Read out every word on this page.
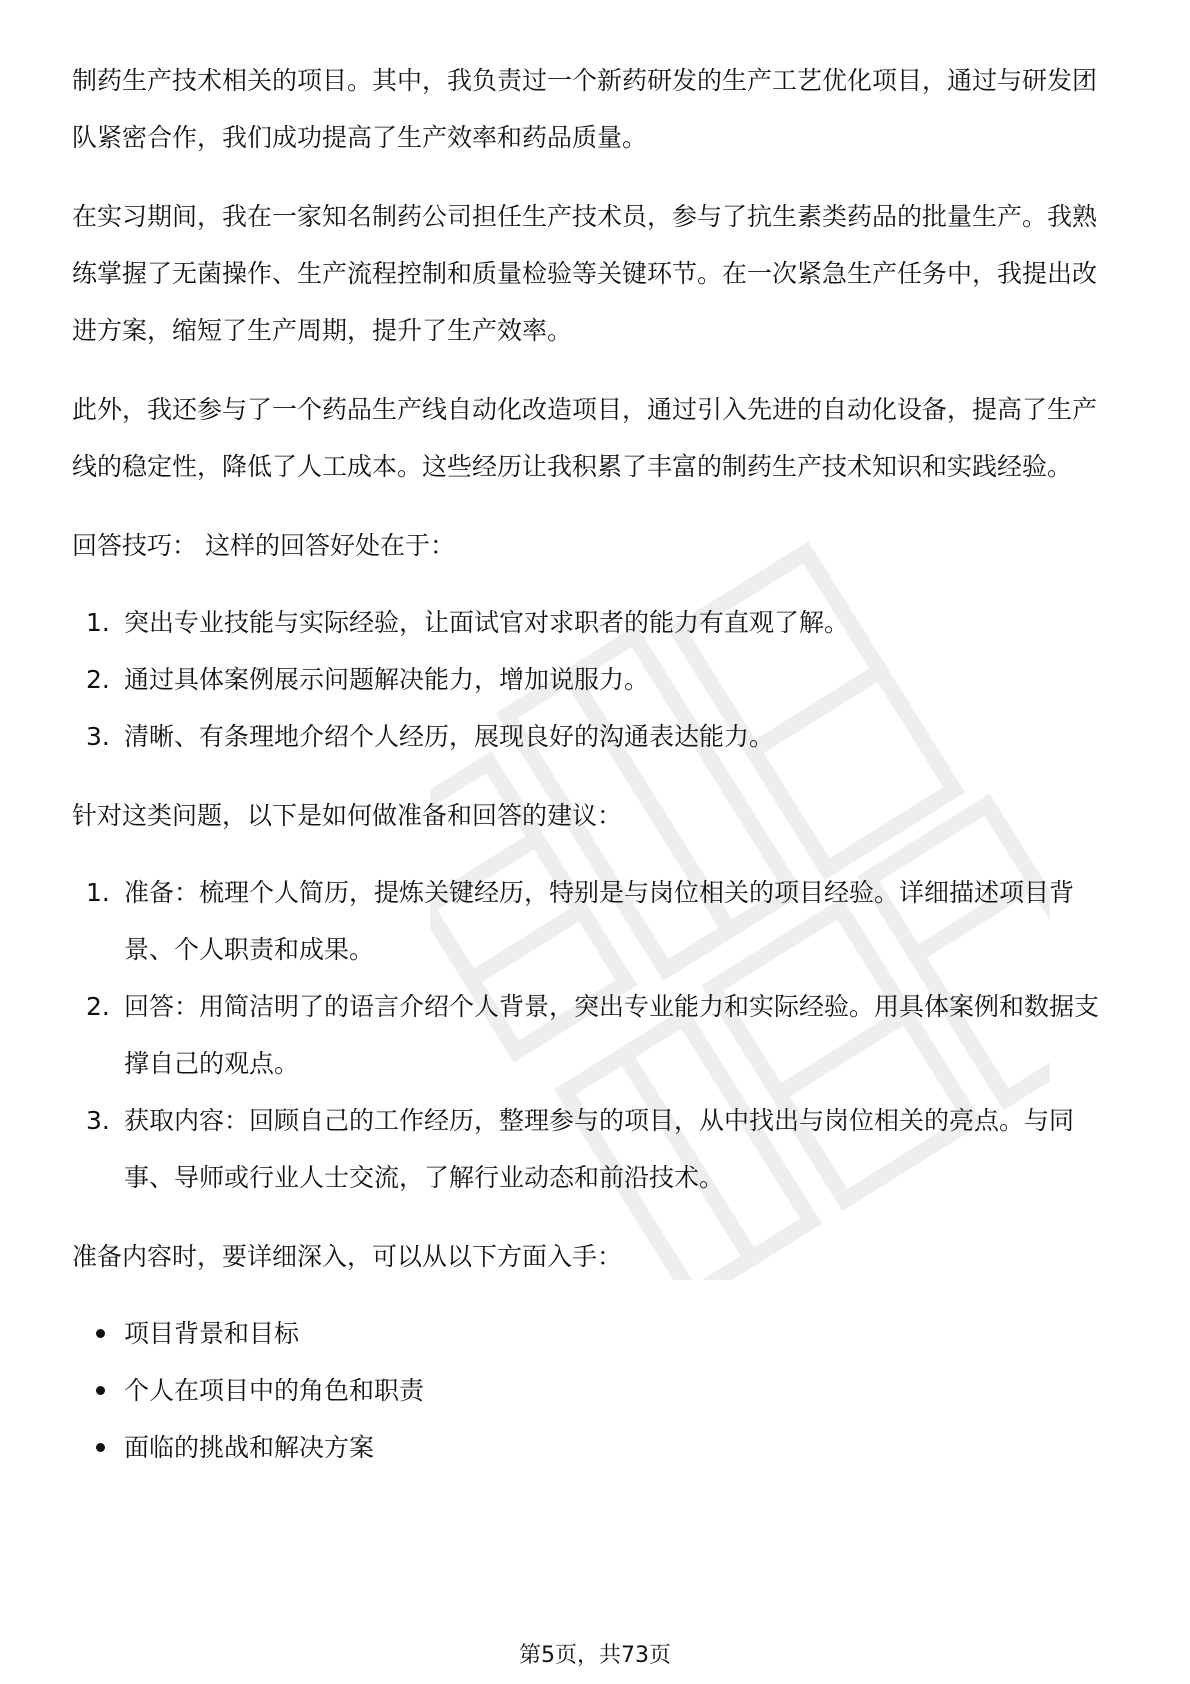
制药生产技术相关的项目。其中，我负责过一个新药研发的生产工艺优化项目，通过与研发团队紧密合作，我们成功提高了生产效率和药品质量。

在实习期间，我在一家知名制药公司担任生产技术员，参与了抗生素类药品的批量生产。我熟练掌握了无菌操作、生产流程控制和质量检验等关键环节。在一次紧急生产任务中，我提出改进方案，缩短了生产周期，提升了生产效率。

此外，我还参与了一个药品生产线自动化改造项目，通过引入先进的自动化设备，提高了生产线的稳定性，降低了人工成本。这些经历让我积累了丰富的制药生产技术知识和实践经验。

回答技巧： 这样的回答好处在于：

1. 突出专业技能与实际经验，让面试官对求职者的能力有直观了解。
2. 通过具体案例展示问题解决能力，增加说服力。
3. 清晰、有条理地介绍个人经历，展现良好的沟通表达能力。

针对这类问题，以下是如何做准备和回答的建议：

1. 准备：梳理个人简历，提炼关键经历，特别是与岗位相关的项目经验。详细描述项目背景、个人职责和成果。
2. 回答：用简洁明了的语言介绍个人背景，突出专业能力和实际经验。用具体案例和数据支撑自己的观点。
3. 获取内容：回顾自己的工作经历，整理参与的项目，从中找出与岗位相关的亮点。与同事、导师或行业人士交流，了解行业动态和前沿技术。

准备内容时，要详细深入，可以从以下方面入手：

项目背景和目标
个人在项目中的角色和职责
面临的挑战和解决方案
第5页，共73页
